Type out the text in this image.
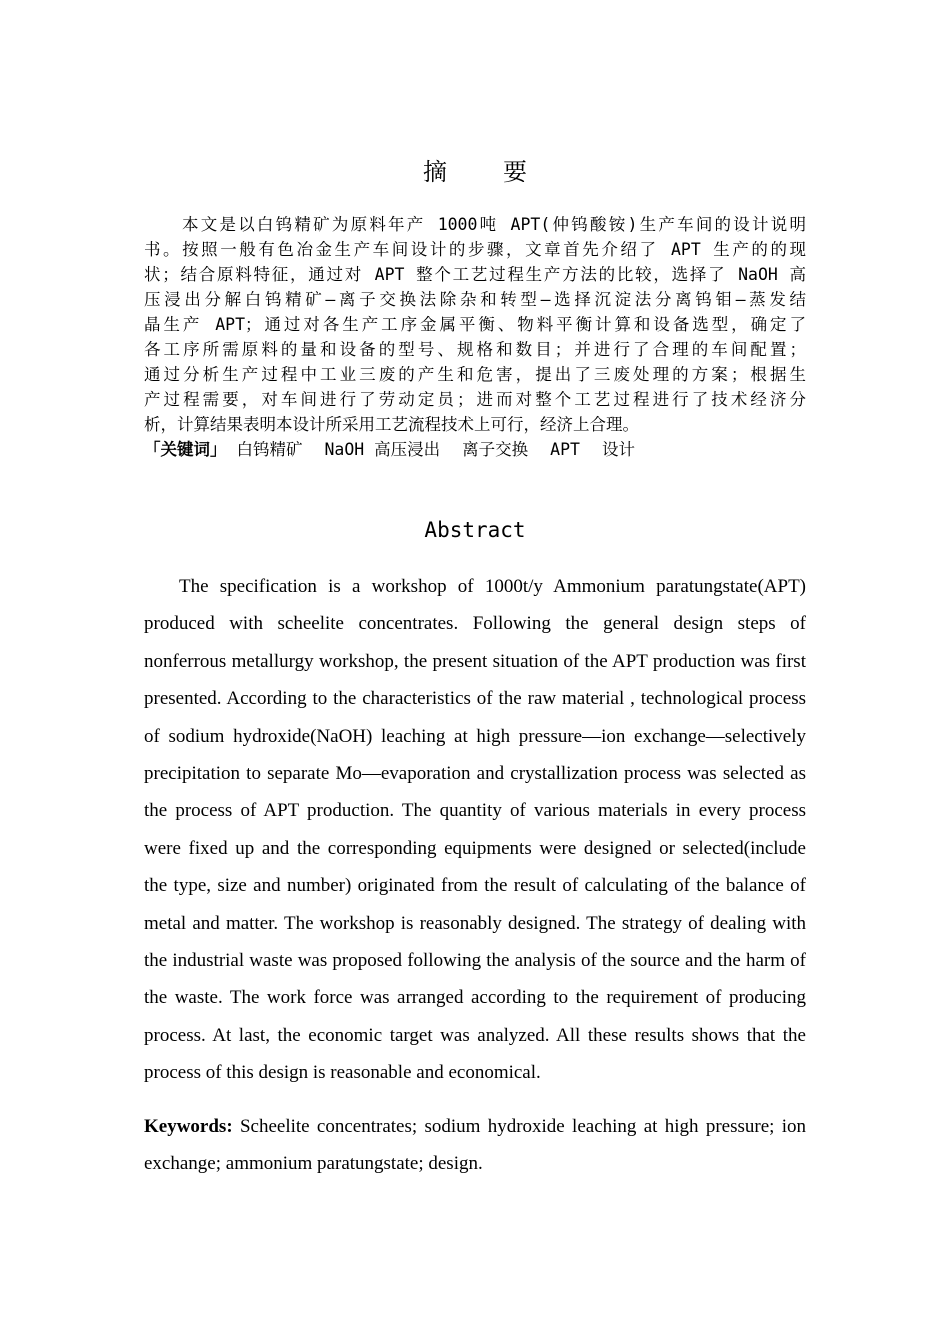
摘 要
本文是以白钨精矿为原料年产 1000吨 APT(仲钨酸铵)生产车间的设计说明
书。按照一般有色冶金生产车间设计的步骤，文章首先介绍了 APT 生产的的现
状；结合原料特征，通过对 APT 整个工艺过程生产方法的比较，选择了 NaOH 高
压浸出分解白钨精矿—离子交换法除杂和转型—选择沉淀法分离钨钼—蒸发结
晶生产 APT；通过对各生产工序金属平衡、物料平衡计算和设备选型，确定了
各工序所需原料的量和设备的型号、规格和数目；并进行了合理的车间配置；
通过分析生产过程中工业三废的产生和危害，提出了三废处理的方案；根据生
产过程需要，对车间进行了劳动定员；进而对整个工艺过程进行了技术经济分
析，计算结果表明本设计所采用工艺流程技术上可行，经济上合理。
「关键词」 白钨精矿 NaOH 高压浸出 离子交换 APT 设计
Abstract
The specification is a workshop of 1000t/y Ammonium paratungstate(APT)
produced with scheelite concentrates. Following the general design steps of
nonferrous metallurgy workshop, the present situation of the APT production was first
presented. According to the characteristics of the raw material , technological process
of sodium hydroxide(NaOH) leaching at high pressure—ion exchange—selectively
precipitation to separate Mo—evaporation and crystallization process was selected as
the process of APT production. The quantity of various materials in every process
were fixed up and the corresponding equipments were designed or selected(include
the type, size and number) originated from the result of calculating of the balance of
metal and matter. The workshop is reasonably designed. The strategy of dealing with
the industrial waste was proposed following the analysis of the source and the harm of
the waste. The work force was arranged according to the requirement of producing
process. At last, the economic target was analyzed. All these results shows that the
process of this design is reasonable and economical.
Keywords: Scheelite concentrates; sodium hydroxide leaching at high pressure; ion
exchange; ammonium paratungstate; design.
